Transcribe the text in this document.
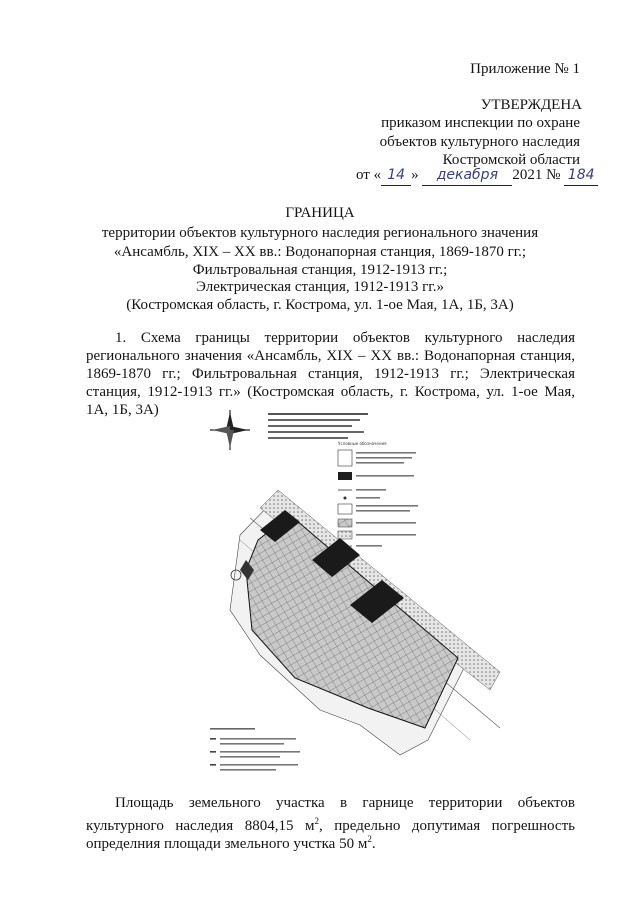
Приложение № 1
УТВЕРЖДЕНА
приказом инспекции по охране
объектов культурного наследия
Костромской области
от « 14 » декабря 2021 № 184
ГРАНИЦА
территории объектов культурного наследия регионального значения
«Ансамбль, XIX – XX вв.: Водонапорная станция, 1869-1870 гг.;
Фильтровальная станция, 1912-1913 гг.;
Электрическая станция, 1912-1913 гг.»
(Костромская область, г. Кострома, ул. 1-ое Мая, 1А, 1Б, 3А)
1. Схема границы территории объектов культурного наследия
регионального значения «Ансамбль, XIX – XX вв.: Водонапорная станция,
1869-1870 гг.; Фильтровальная станция, 1912-1913 гг.; Электрическая
станция, 1912-1913 гг.» (Костромская область, г. Кострома, ул. 1-ое Мая,
1А, 1Б, 3А)
Условные обозначения
Площадь земельного участка в гарнице территории объектов
культурного наследия 8804,15 $м^2$, предельно допутимая погрешность
определния площади змельного учстка 50 $м^2$.
